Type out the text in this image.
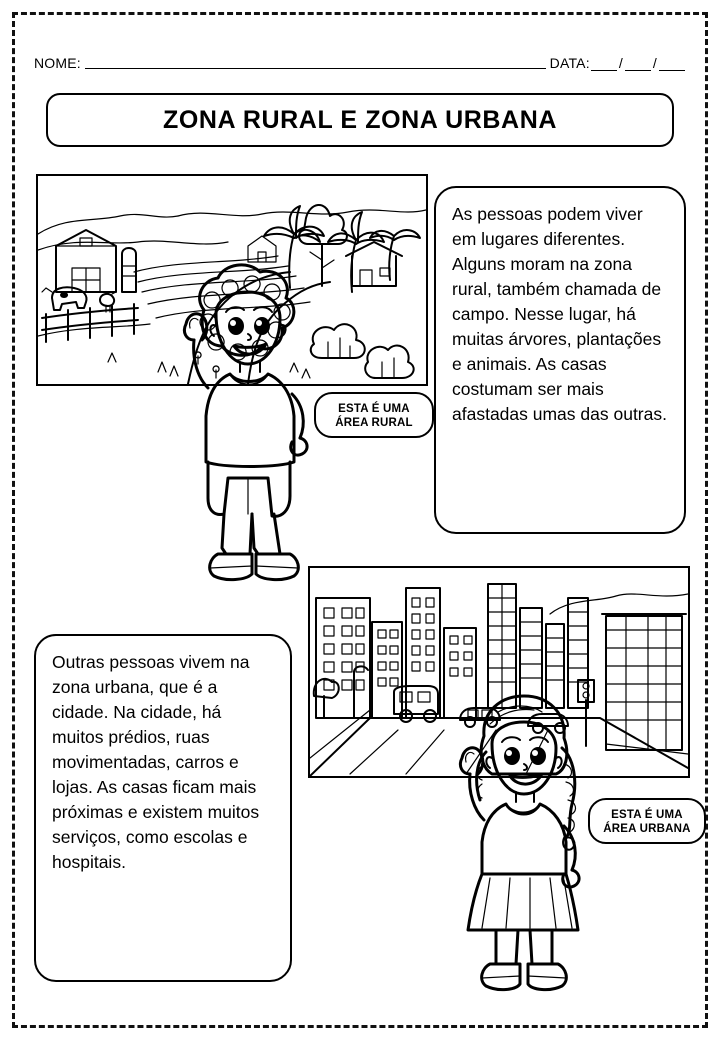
NOME:	DATA: / /
ZONA RURAL E ZONA URBANA

As pessoas podem viver em lugares diferentes. Alguns moram na zona rural, também chamada de campo. Nesse lugar, há muitas árvores, plantações e animais. As casas costumam ser mais afastadas umas das outras.

ESTA É UMA ÁREA RURAL

Outras pessoas vivem na zona urbana, que é a cidade. Na cidade, há muitos prédios, ruas movimentadas, carros e lojas. As casas ficam mais próximas e existem muitos serviços, como escolas e hospitais.

ESTA É UMA ÁREA URBANA
